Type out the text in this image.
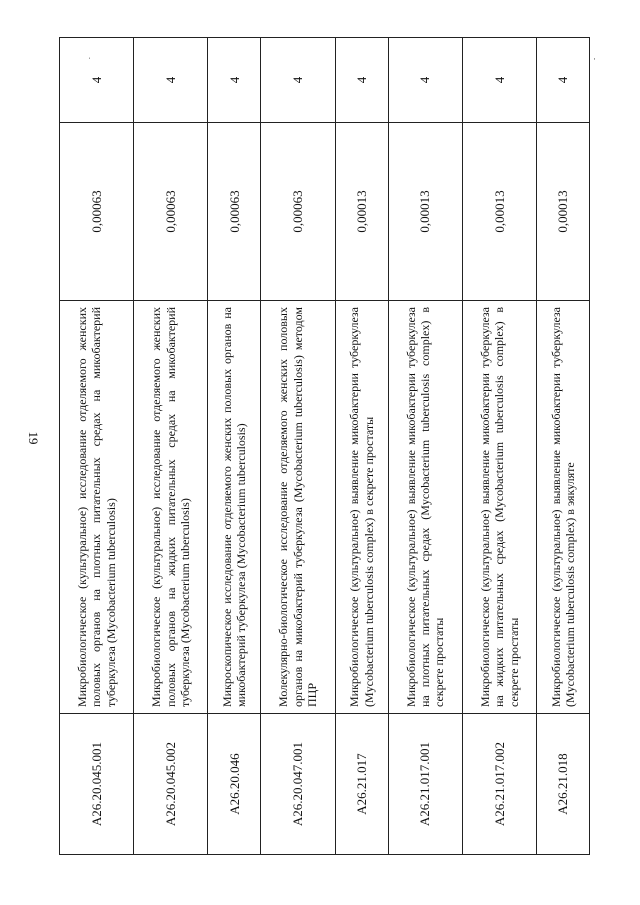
19
·
ˈ
A26.20.045.001	Микробиологическое (культуральное) исследование отделяемого женских половых органов на плотных питательных средах на микобактерий туберкулеза (Mycobacterium tuberculosis)	0,00063	4
A26.20.045.002	Микробиологическое (культуральное) исследование отделяемого женских половых органов на жидких питательных средах на микобактерий туберкулеза (Mycobacterium tuberculosis)	0,00063	4
A26.20.046	Микроскопическое исследование отделяемого женских половых органов на микобактерий туберкулеза (Mycobacterium tuberculosis)	0,00063	4
A26.20.047.001	Молекулярно-биологическое исследование отделяемого женских половых органов на микобактерий туберкулеза (Mycobacterium tuberculosis) методом ПЦР	0,00063	4
A26.21.017	Микробиологическое (культуральное) выявление микобактерии туберкулеза (Mycobacterium tuberculosis complex) в секрете простаты	0,00013	4
A26.21.017.001	Микробиологическое (культуральное) выявление микобактерии туберкулеза на плотных питательных средах (Mycobacterium tuberculosis complex) в секрете простаты	0,00013	4
A26.21.017.002	Микробиологическое (культуральное) выявление микобактерии туберкулеза на жидких питательных средах (Mycobacterium tuberculosis complex) в секрете простаты	0,00013	4
A26.21.018	Микробиологическое (культуральное) выявление микобактерии туберкулеза (Mycobacterium tuberculosis complex) в эякуляте	0,00013	4
